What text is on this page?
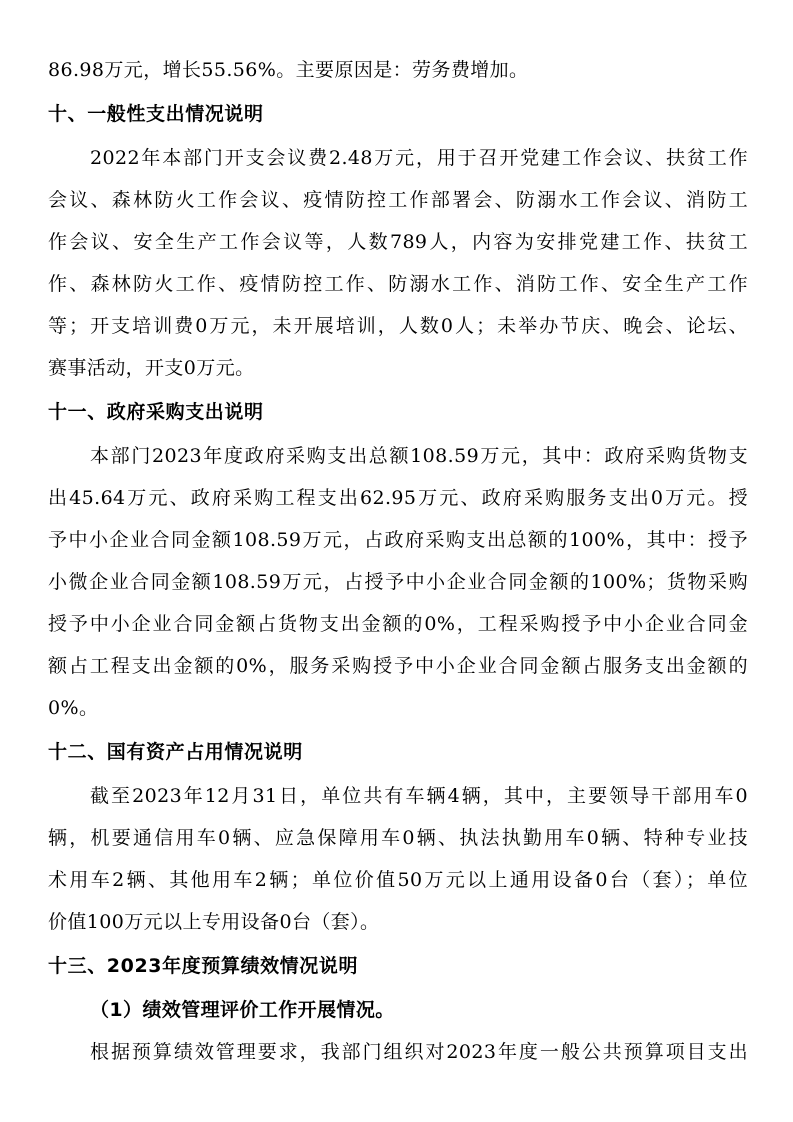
86.98万元，增长55.56%。主要原因是：劳务费增加。
十、一般性支出情况说明
2022年本部门开支会议费2.48万元，用于召开党建工作会议、扶贫工作
会议、森林防火工作会议、疫情防控工作部署会、防溺水工作会议、消防工
作会议、安全生产工作会议等，人数789人，内容为安排党建工作、扶贫工
作、森林防火工作、疫情防控工作、防溺水工作、消防工作、安全生产工作
等；开支培训费0万元，未开展培训，人数0人；未举办节庆、晚会、论坛、
赛事活动，开支0万元。
十一、政府采购支出说明
本部门2023年度政府采购支出总额108.59万元，其中：政府采购货物支
出45.64万元、政府采购工程支出62.95万元、政府采购服务支出0万元。授
予中小企业合同金额108.59万元，占政府采购支出总额的100%，其中：授予
小微企业合同金额108.59万元，占授予中小企业合同金额的100%；货物采购
授予中小企业合同金额占货物支出金额的0%，工程采购授予中小企业合同金
额占工程支出金额的0%，服务采购授予中小企业合同金额占服务支出金额的
0%。
十二、国有资产占用情况说明
截至2023年12月31日，单位共有车辆4辆，其中，主要领导干部用车0
辆，机要通信用车0辆、应急保障用车0辆、执法执勤用车0辆、特种专业技
术用车2辆、其他用车2辆；单位价值50万元以上通用设备0台（套）；单位
价值100万元以上专用设备0台（套）。
十三、2023年度预算绩效情况说明
（1）绩效管理评价工作开展情况。
根据预算绩效管理要求，我部门组织对2023年度一般公共预算项目支出
